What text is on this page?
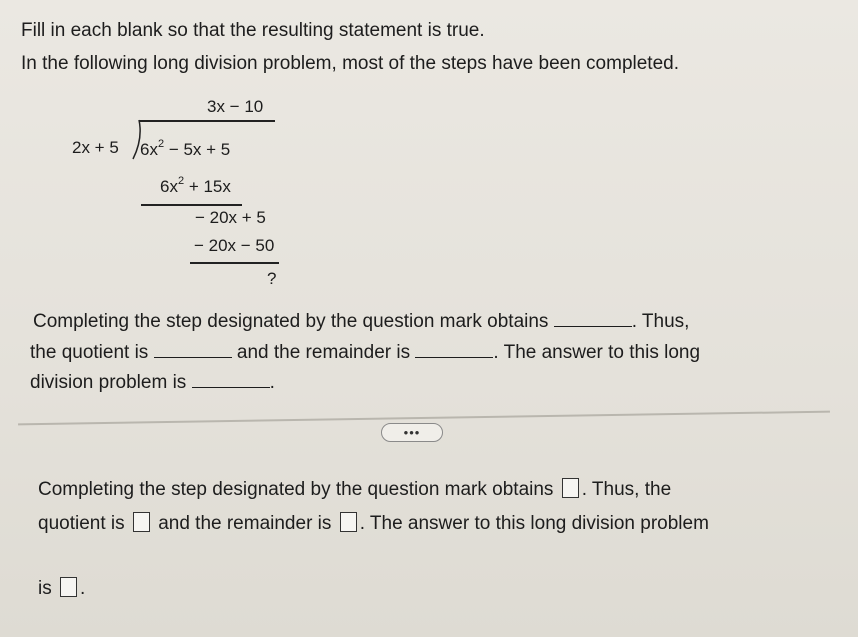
Fill in each blank so that the resulting statement is true.
In the following long division problem, most of the steps have been completed.
3x − 10
2x + 5 $6x^2 - 5x + 5$
$6x^2 + 15x$
− 20x + 5
− 20x − 50
?
Completing the step designated by the question mark obtains	. Thus,
the quotient is	and the remainder is	. The answer to this long
division problem is	.
•••
Completing the step designated by the question mark obtains . Thus, the
quotient is and the remainder is . The answer to this long division problem
is .
